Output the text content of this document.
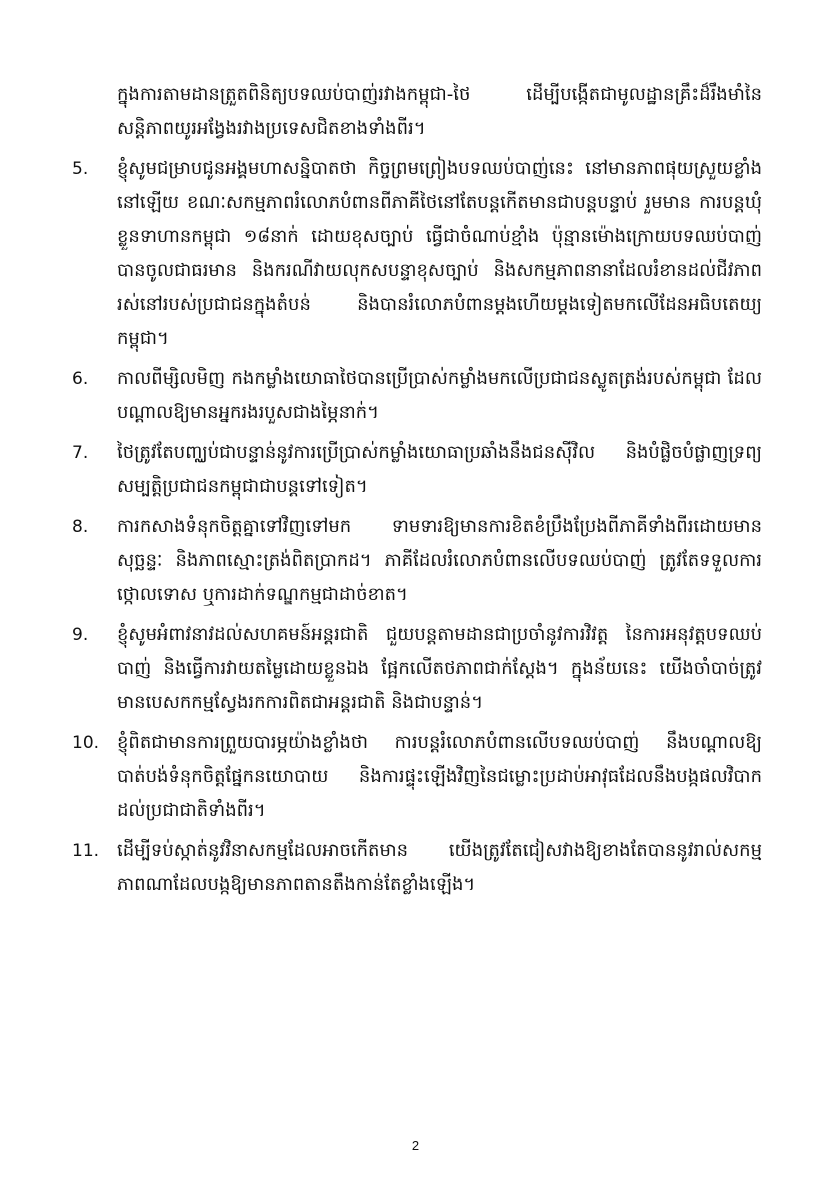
ក្នុងការតាមដានត្រួតពិនិត្យបទឈប់បាញ់រវាងកម្ពុជា-ថៃ ដើម្បីបង្កើតជាមូលដ្ឋានគ្រឹះដ៏រឹងមាំនៃសន្តិភាពយូរអង្វែងរវាងប្រទេសជិតខាងទាំងពីរ។

5.	ខ្ញុំសូមជម្រាបជូនអង្គមហាសន្និបាតថា កិច្ចព្រមព្រៀងបទឈប់បាញ់នេះ នៅមានភាពផុយស្រួយខ្លាំងនៅឡើយ ខណៈសកម្មភាពរំលោភបំពានពីភាគីថៃនៅតែបន្តកើតមានជាបន្តបន្ទាប់ រួមមាន ការបន្តឃុំខ្លួនទាហានកម្ពុជា ១៨នាក់ ដោយខុសច្បាប់ ធ្វើជាចំណាប់ខ្មាំង ប៉ុន្មានម៉ោងក្រោយបទឈប់បាញ់បានចូលជាធរមាន និងករណីវាយលុកសបន្ទាខុសច្បាប់ និងសកម្មភាពនានាដែលរំខានដល់ជីវភាពរស់នៅរបស់ប្រជាជនក្នុងតំបន់ និងបានរំលោភបំពានម្តងហើយម្តងទៀតមកលើដែនអធិបតេយ្យកម្ពុជា។
6.	កាលពីម្សិលមិញ កងកម្លាំងយោធាថៃបានប្រើប្រាស់កម្លាំងមកលើប្រជាជនស្លូតត្រង់របស់កម្ពុជា ដែលបណ្តាលឱ្យមានអ្នករងរបួសជាងម្ភៃនាក់។
7.	ថៃត្រូវតែបញ្ឈប់ជាបន្ទាន់នូវការប្រើប្រាស់កម្លាំងយោធាប្រឆាំងនឹងជនស៊ីវិល និងបំផ្លិចបំផ្លាញទ្រព្យសម្បត្តិប្រជាជនកម្ពុជាជាបន្តទៅទៀត។
8.	ការកសាងទំនុកចិត្តគ្នាទៅវិញទៅមក ទាមទារឱ្យមានការខិតខំប្រឹងប្រែងពីភាគីទាំងពីរដោយមានសុច្ឆន្ទៈ និងភាពស្មោះត្រង់ពិតប្រាកដ។ ភាគីដែលរំលោភបំពានលើបទឈប់បាញ់ ត្រូវតែទទួលការថ្កោលទោស ឬការដាក់ទណ្ឌកម្មជាដាច់ខាត។
9.	ខ្ញុំសូមអំពាវនាវដល់សហគមន៍អន្តរជាតិ ជួយបន្តតាមដានជាប្រចាំនូវការវិវត្ត នៃការអនុវត្តបទឈប់បាញ់ និងធ្វើការវាយតម្លៃដោយខ្លួនឯង ផ្អែកលើតថភាពជាក់ស្តែង។ ក្នុងន័យនេះ យើងចាំបាច់ត្រូវមានបេសកកម្មស្វែងរកការពិតជាអន្តរជាតិ និងជាបន្ទាន់។
10. ខ្ញុំពិតជាមានការព្រួយបារម្ភយ៉ាងខ្លាំងថា ការបន្តរំលោភបំពានលើបទឈប់បាញ់ នឹងបណ្តាលឱ្យបាត់បង់ទំនុកចិត្តផ្នែកនយោបាយ និងការផ្ទុះឡើងវិញនៃជម្លោះប្រដាប់អាវុធដែលនឹងបង្កផលវិបាកដល់ប្រជាជាតិទាំងពីរ។
11. ដើម្បីទប់ស្កាត់នូវវិនាសកម្មដែលអាចកើតមាន យើងត្រូវតែជៀសវាងឱ្យខាងតែបាននូវរាល់សកម្មភាពណាដែលបង្កឱ្យមានភាពតានតឹងកាន់តែខ្លាំងឡើង។
2
